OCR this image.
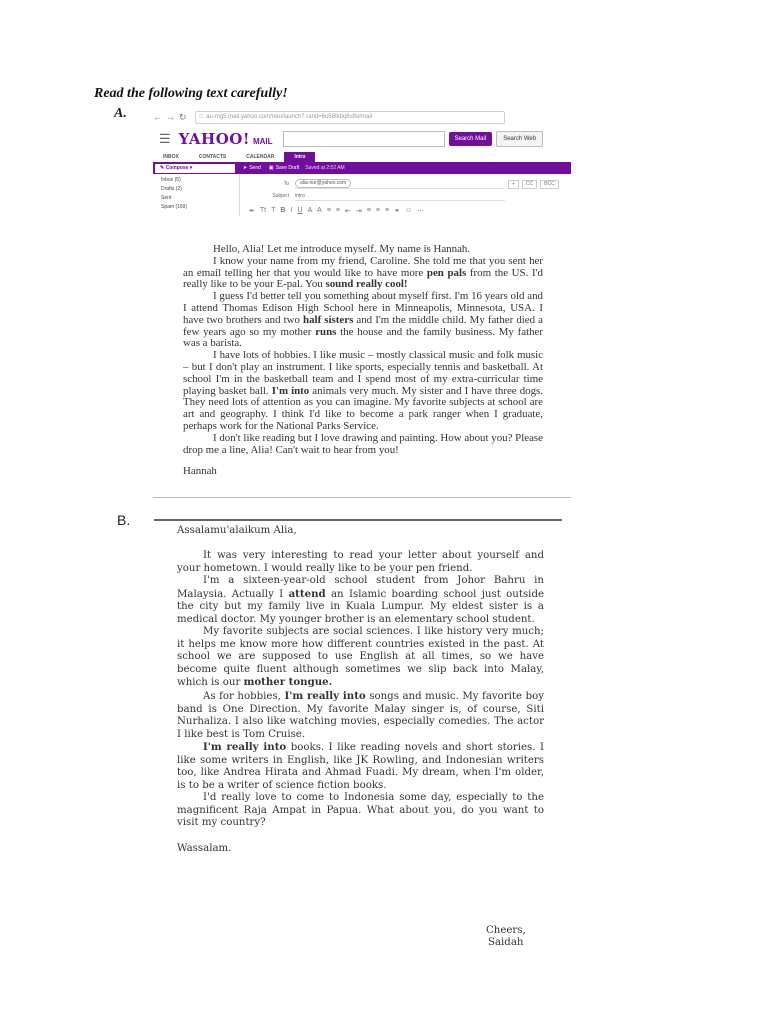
Read the following text carefully!
A.	← → ↻ □ au-mg5.mail.yahoo.com/neo/launch?.rand=6o58tkbq6sfb#mail
☰ YAHOO! MAIL	Search Mail	Search Web
INBOX	CONTACTS	CALENDAR	Intro
✎ Compose ▾	➤ Send ▣ Save Draft Saved at 2:52 AM
Inbox (5)
Drafts (2)
Sent
Spam (169)
To	alia-nur@yahoo.com	+	CC	BCC
Subject	intro
✒ Tt T B I U A A ≡ ≡ ⇤ ⇥ ≡ ≡ ≡ ⚭ ☺ ⋯

Hello, Alia! Let me introduce myself. My name is Hannah.

I know your name from my friend, Caroline. She told me that you sent her an email telling her that you would like to have more pen pals from the US. I'd really like to be your E-pal. You sound really cool!

I guess I'd better tell you something about myself first. I'm 16 years old and I attend Thomas Edison High School here in Minneapolis, Minnesota, USA. I have two brothers and two half sisters and I'm the middle child. My father died a few years ago so my mother runs the house and the family business. My father was a barista.

I have lots of hobbies. I like music – mostly classical music and folk music – but I don't play an instrument. I like sports, especially tennis and basketball. At school I'm in the basketball team and I spend most of my extra-curricular time playing basket ball. I'm into animals very much. My sister and I have three dogs. They need lots of attention as you can imagine. My favorite subjects at school are art and geography. I think I'd like to become a park ranger when I graduate, perhaps work for the National Parks Service.

I don't like reading but I love drawing and painting. How about you? Please drop me a line, Alia! Can't wait to hear from you!

Hannah

B.
Assalamu'alaikum Alia,

It was very interesting to read your letter about yourself and your hometown. I would really like to be your pen friend.

I'm a sixteen-year-old school student from Johor Bahru in Malaysia. Actually I attend an Islamic boarding school just outside the city but my family live in Kuala Lumpur. My eldest sister is a medical doctor. My younger brother is an elementary school student.

My favorite subjects are social sciences. I like history very much; it helps me know more how different countries existed in the past. At school we are supposed to use English at all times, so we have become quite fluent although sometimes we slip back into Malay, which is our mother tongue.

As for hobbies, I'm really into songs and music. My favorite boy band is One Direction. My favorite Malay singer is, of course, Siti Nurhaliza. I also like watching movies, especially comedies. The actor I like best is Tom Cruise.

I'm really into books. I like reading novels and short stories. I like some writers in English, like JK Rowling, and Indonesian writers too, like Andrea Hirata and Ahmad Fuadi. My dream, when I'm older, is to be a writer of science fiction books.

I'd really love to come to Indonesia some day, especially to the magnificent Raja Ampat in Papua. What about you, do you want to visit my country?

Wassalam.
Cheers,
Saidah
